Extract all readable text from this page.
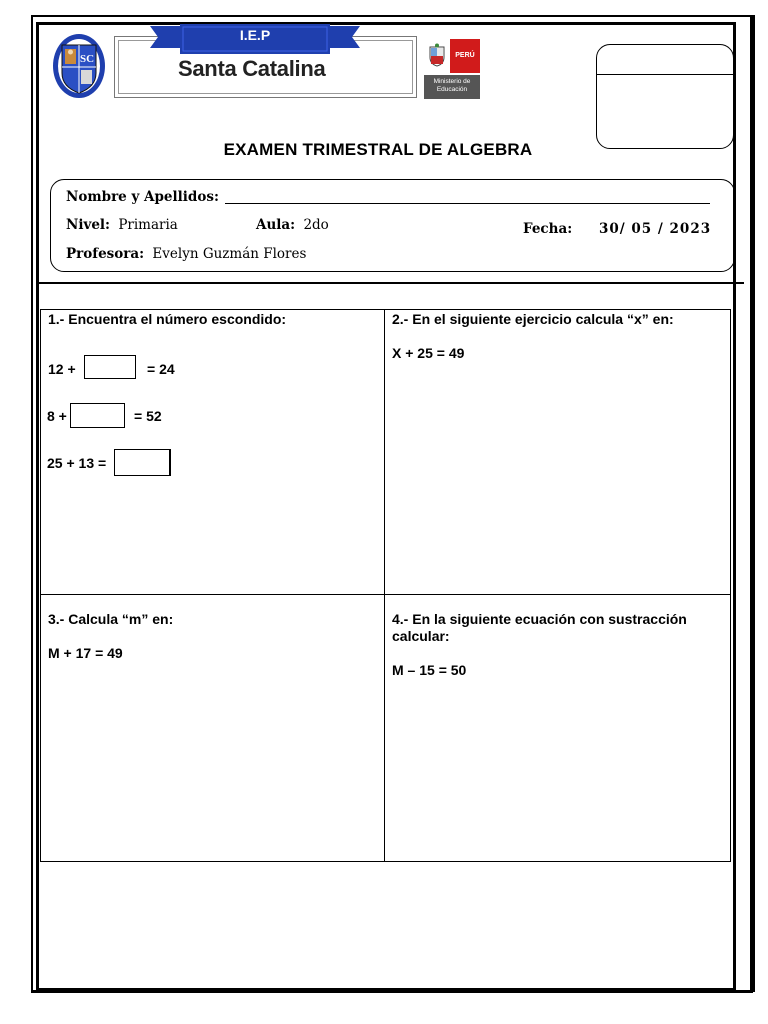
SC
I.E.P
Santa Catalina
PERÚ
Ministerio de
Educación
EXAMEN TRIMESTRAL DE ALGEBRA
Nombre y Apellidos:
Nivel: Primaria	Aula: 2do	Fecha: 30/ 05 / 2023
Profesora: Evelyn Guzmán Flores
1.- Encuentra el número escondido:
12 +	= 24
8 +	= 52
25 + 13 =
2.- En el siguiente ejercicio calcula “x” en:
X + 25 = 49
3.- Calcula “m” en:
M + 17 = 49
4.- En la siguiente ecuación con sustracción
calcular:
M – 15 = 50
